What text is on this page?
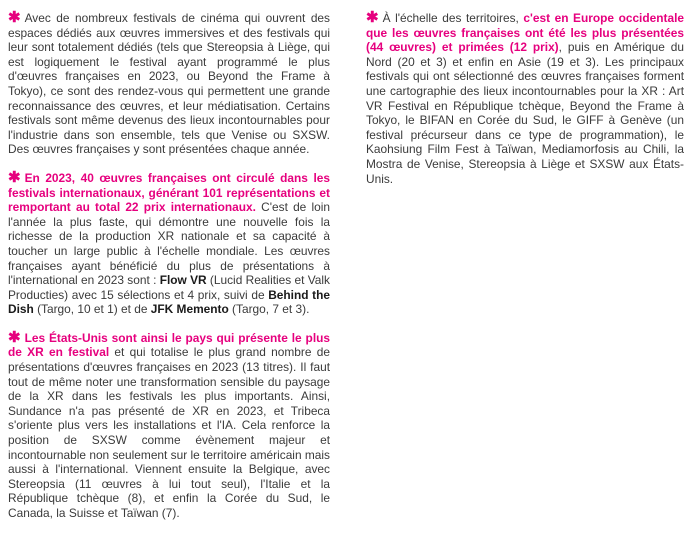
✱ Avec de nombreux festivals de cinéma qui ouvrent des espaces dédiés aux œuvres immersives et des festivals qui leur sont totalement dédiés (tels que Stereopsia à Liège, qui est logiquement le festival ayant programmé le plus d'œuvres françaises en 2023, ou Beyond the Frame à Tokyo), ce sont des rendez-vous qui permettent une grande reconnaissance des œuvres, et leur médiatisation. Certains festivals sont même devenus des lieux incontournables pour l'industrie dans son ensemble, tels que Venise ou SXSW. Des œuvres françaises y sont présentées chaque année.

✱ En 2023, 40 œuvres françaises ont circulé dans les festivals internationaux, générant 101 représentations et remportant au total 22 prix internationaux. C'est de loin l'année la plus faste, qui démontre une nouvelle fois la richesse de la production XR nationale et sa capacité à toucher un large public à l'échelle mondiale. Les œuvres françaises ayant bénéficié du plus de présentations à l'international en 2023 sont : Flow VR (Lucid Realities et Valk Producties) avec 15 sélections et 4 prix, suivi de Behind the Dish (Targo, 10 et 1) et de JFK Memento (Targo, 7 et 3).

✱ Les États-Unis sont ainsi le pays qui présente le plus de XR en festival et qui totalise le plus grand nombre de présentations d'œuvres françaises en 2023 (13 titres). Il faut tout de même noter une transformation sensible du paysage de la XR dans les festivals les plus importants. Ainsi, Sundance n'a pas présenté de XR en 2023, et Tribeca s'oriente plus vers les installations et l'IA. Cela renforce la position de SXSW comme évènement majeur et incontournable non seulement sur le territoire américain mais aussi à l'international. Viennent ensuite la Belgique, avec Stereopsia (11 œuvres à lui tout seul), l'Italie et la République tchèque (8), et enfin la Corée du Sud, le Canada, la Suisse et Taïwan (7).

✱ À l'échelle des territoires, c'est en Europe occidentale que les œuvres françaises ont été les plus présentées (44 œuvres) et primées (12 prix), puis en Amérique du Nord (20 et 3) et enfin en Asie (19 et 3). Les principaux festivals qui ont sélectionné des œuvres françaises forment une cartographie des lieux incontournables pour la XR : Art VR Festival en République tchèque, Beyond the Frame à Tokyo, le BIFAN en Corée du Sud, le GIFF à Genève (un festival précurseur dans ce type de programmation), le Kaohsiung Film Fest à Taïwan, Mediamorfosis au Chili, la Mostra de Venise, Stereopsia à Liège et SXSW aux États-Unis.
